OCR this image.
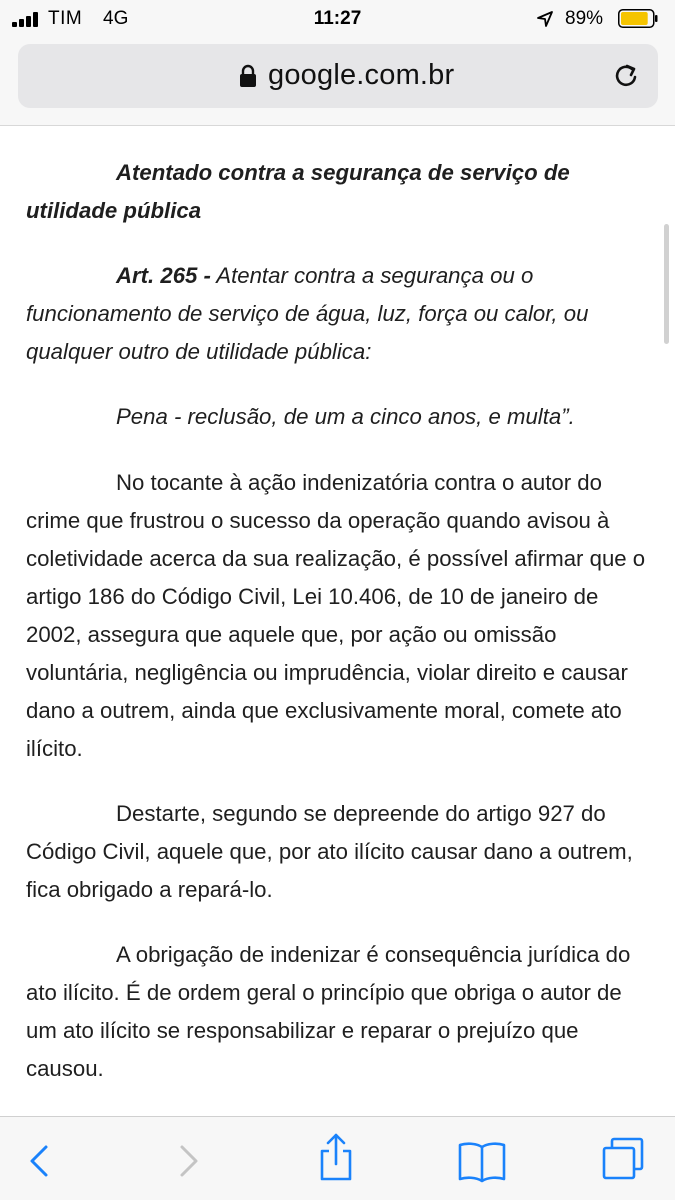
TIM 4G	11:27	89%
google.com.br

Atentado contra a segurança de serviço de utilidade pública

Art. 265 - Atentar contra a segurança ou o funcionamento de serviço de água, luz, força ou calor, ou qualquer outro de utilidade pública:

Pena - reclusão, de um a cinco anos, e multa”.

No tocante à ação indenizatória contra o autor do crime que frustrou o sucesso da operação quando avisou à coletividade acerca da sua realização, é possível afirmar que o artigo 186 do Código Civil, Lei 10.406, de 10 de janeiro de 2002, assegura que aquele que, por ação ou omissão voluntária, negligência ou imprudência, violar direito e causar dano a outrem, ainda que exclusivamente moral, comete ato ilícito.

Destarte, segundo se depreende do artigo 927 do Código Civil, aquele que, por ato ilícito causar dano a outrem, fica obrigado a repará-lo.

A obrigação de indenizar é consequência jurídica do ato ilícito. É de ordem geral o princípio que obriga o autor de um ato ilícito se responsabilizar e reparar o prejuízo que causou.
